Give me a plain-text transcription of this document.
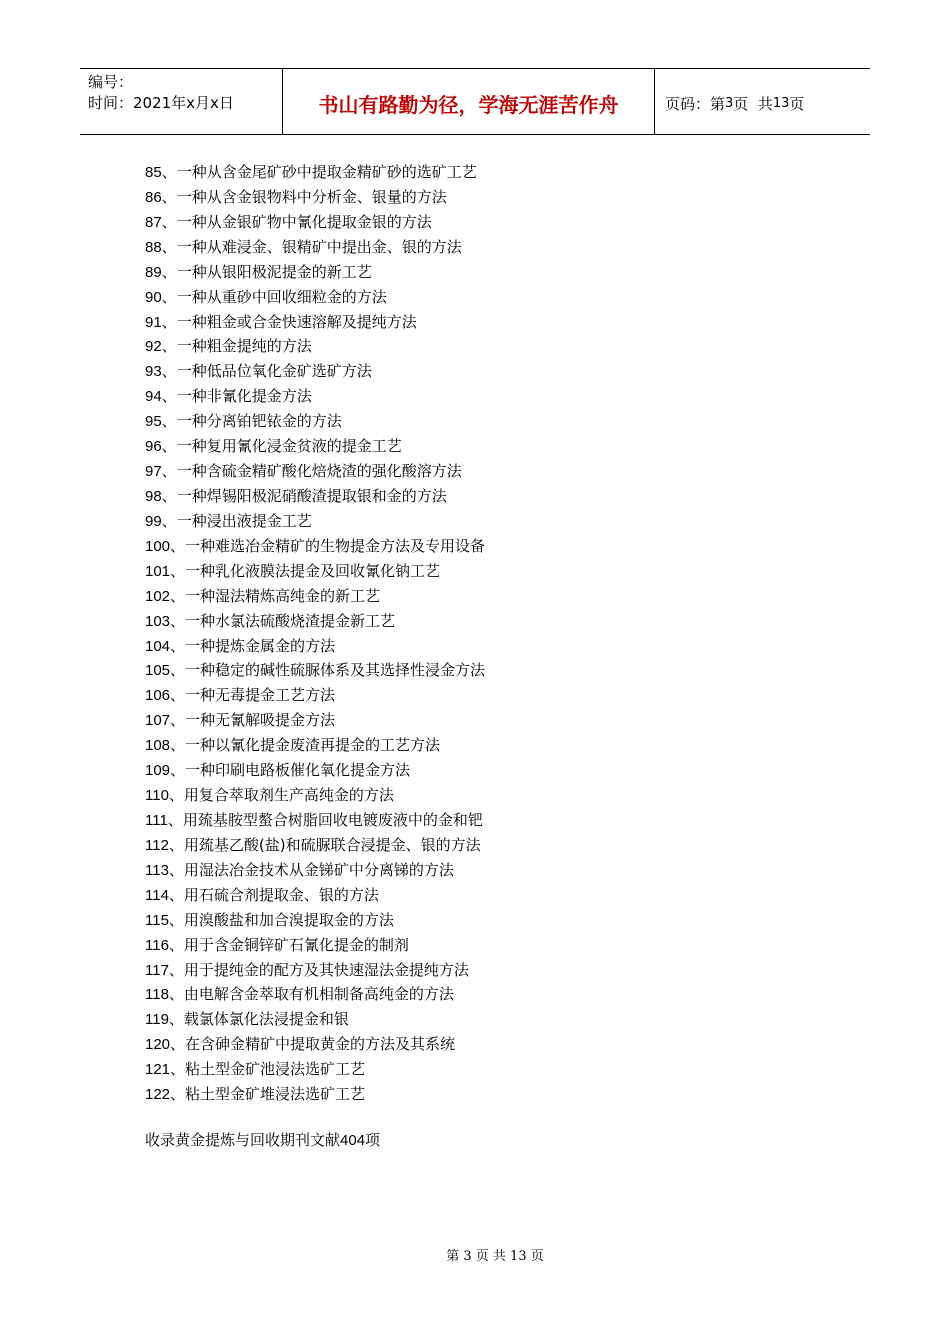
编号：
时间：2021年x月x日	书山有路勤为径，学海无涯苦作舟	页码：第 3 页  共 13 页
85、一种从含金尾矿砂中提取金精矿砂的选矿工艺
86、一种从含金银物料中分析金、银量的方法
87、一种从金银矿物中氰化提取金银的方法
88、一种从难浸金、银精矿中提出金、银的方法
89、一种从银阳极泥提金的新工艺
90、一种从重砂中回收细粒金的方法
91、一种粗金或合金快速溶解及提纯方法
92、一种粗金提纯的方法
93、一种低品位氧化金矿选矿方法
94、一种非氰化提金方法
95、一种分离铂钯铱金的方法
96、一种复用氰化浸金贫液的提金工艺
97、一种含硫金精矿酸化焙烧渣的强化酸溶方法
98、一种焊锡阳极泥硝酸渣提取银和金的方法
99、一种浸出液提金工艺
100、一种难选冶金精矿的生物提金方法及专用设备
101、一种乳化液膜法提金及回收氰化钠工艺
102、一种湿法精炼高纯金的新工艺
103、一种水氯法硫酸烧渣提金新工艺
104、一种提炼金属金的方法
105、一种稳定的碱性硫脲体系及其选择性浸金方法
106、一种无毒提金工艺方法
107、一种无氰解吸提金方法
108、一种以氰化提金废渣再提金的工艺方法
109、一种印刷电路板催化氧化提金方法
110、用复合萃取剂生产高纯金的方法
111、用巯基胺型螯合树脂回收电镀废液中的金和钯
112、用巯基乙酸(盐)和硫脲联合浸提金、银的方法
113、用湿法冶金技术从金锑矿中分离锑的方法
114、用石硫合剂提取金、银的方法
115、用溴酸盐和加合溴提取金的方法
116、用于含金铜锌矿石氰化提金的制剂
117、用于提纯金的配方及其快速湿法金提纯方法
118、由电解含金萃取有机相制备高纯金的方法
119、载氯体氯化法浸提金和银
120、在含砷金精矿中提取黄金的方法及其系统
121、粘土型金矿池浸法选矿工艺
122、粘土型金矿堆浸法选矿工艺
收录黄金提炼与回收期刊文献404项
第 3 页 共 13 页
